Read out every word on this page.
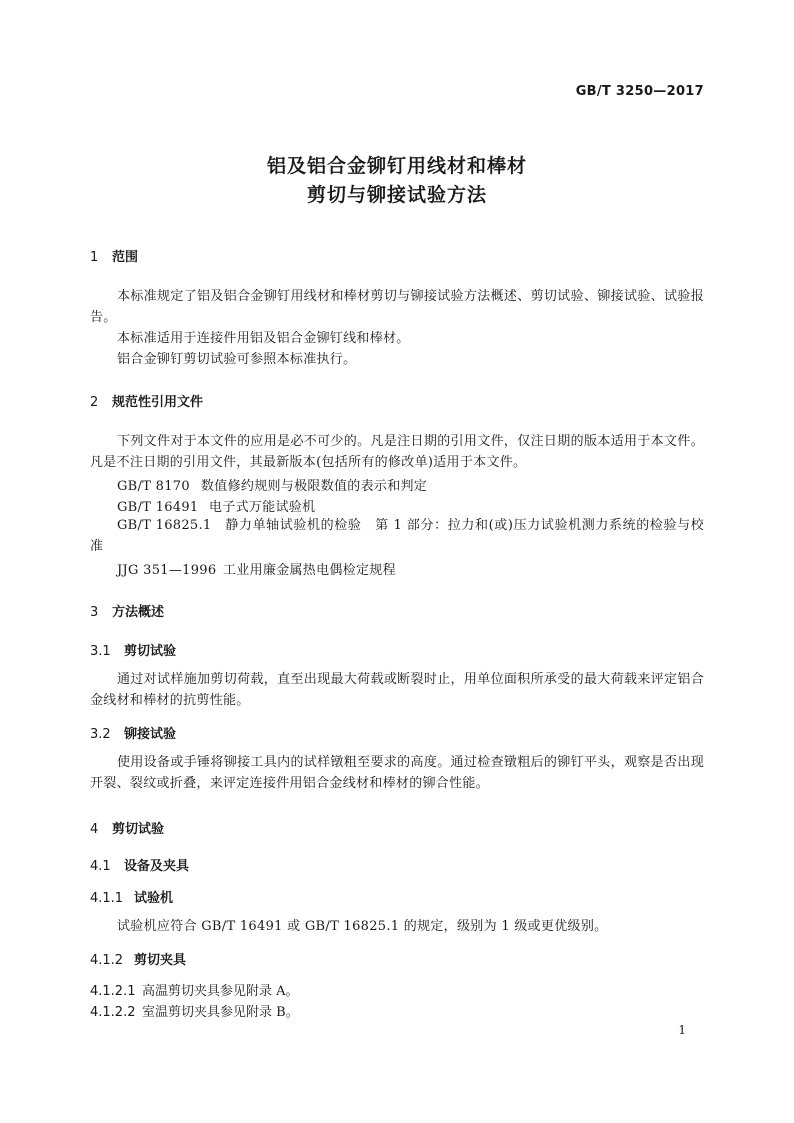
GB/T 3250—2017
铝及铝合金铆钉用线材和棒材
剪切与铆接试验方法
1 范围
本标准规定了铝及铝合金铆钉用线材和棒材剪切与铆接试验方法概述、剪切试验、铆接试验、试验报告。
本标准适用于连接件用铝及铝合金铆钉线和棒材。
铝合金铆钉剪切试验可参照本标准执行。
2 规范性引用文件
下列文件对于本文件的应用是必不可少的。凡是注日期的引用文件，仅注日期的版本适用于本文件。凡是不注日期的引用文件，其最新版本(包括所有的修改单)适用于本文件。
GB/T 8170 数值修约规则与极限数值的表示和判定
GB/T 16491 电子式万能试验机
GB/T 16825.1 静力单轴试验机的检验　第 1 部分：拉力和(或)压力试验机测力系统的检验与校准
JJG 351—1996 工业用廉金属热电偶检定规程
3 方法概述
3.1 剪切试验
通过对试样施加剪切荷载，直至出现最大荷载或断裂时止，用单位面积所承受的最大荷载来评定铝合金线材和棒材的抗剪性能。
3.2 铆接试验
使用设备或手锤将铆接工具内的试样镦粗至要求的高度。通过检查镦粗后的铆钉平头，观察是否出现开裂、裂纹或折叠，来评定连接件用铝合金线材和棒材的铆合性能。
4 剪切试验
4.1 设备及夹具
4.1.1 试验机
试验机应符合 GB/T 16491 或 GB/T 16825.1 的规定，级别为 1 级或更优级别。
4.1.2 剪切夹具
4.1.2.1 高温剪切夹具参见附录 A。
4.1.2.2 室温剪切夹具参见附录 B。
1
